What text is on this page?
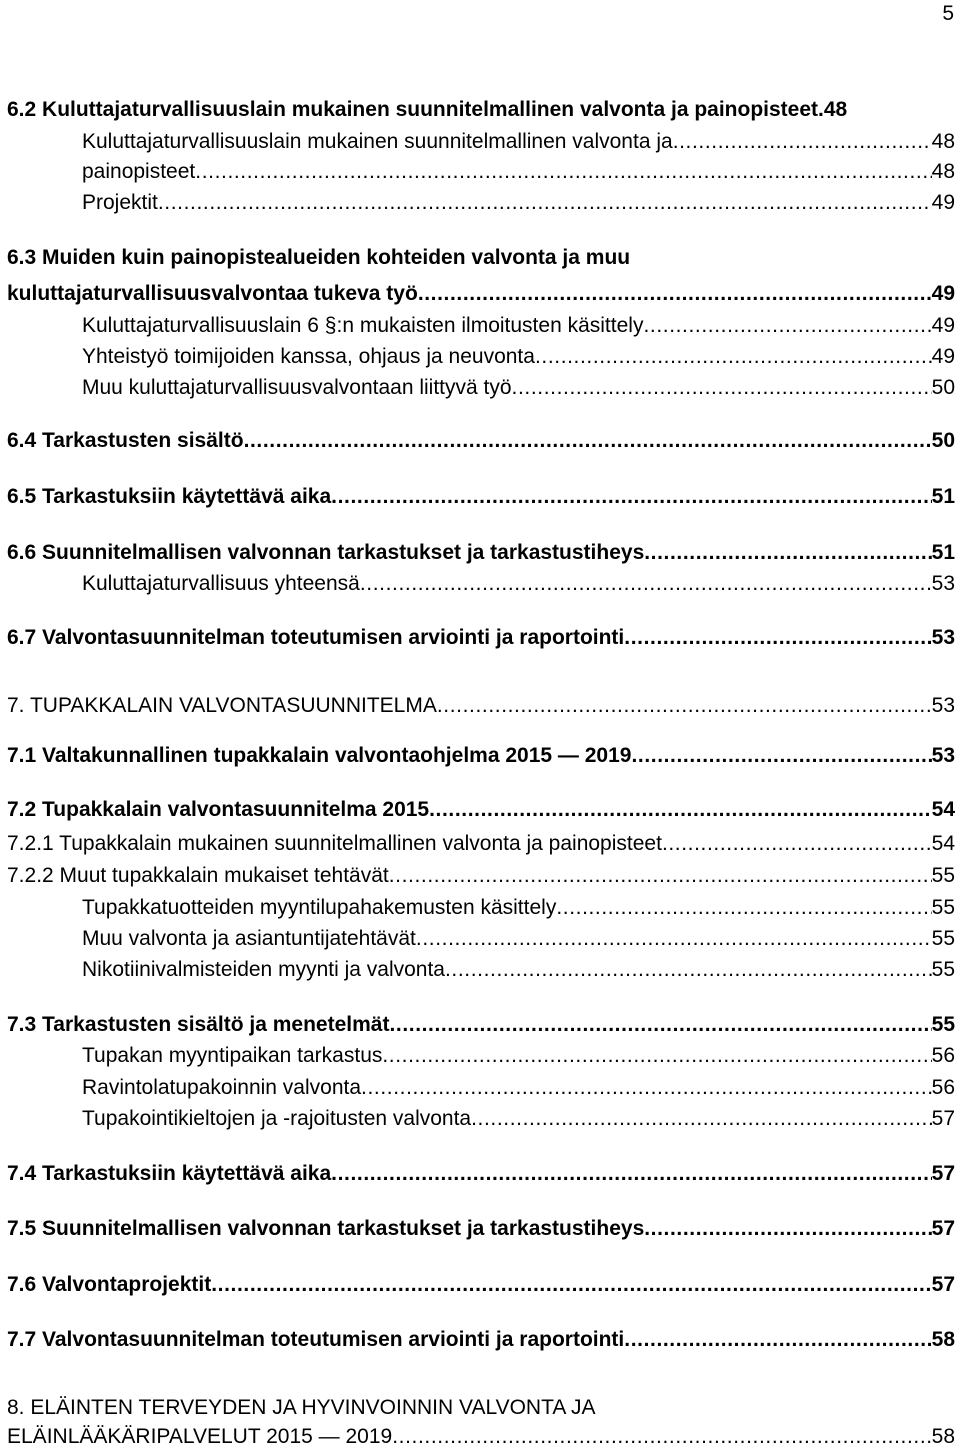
5
6.2 Kuluttajaturvallisuuslain mukainen suunnitelmallinen valvonta ja painopisteet. 48
Kuluttajaturvallisuuslain mukainen suunnitelmallinen valvonta ja .....	48
painopisteet .....	48
Projektit .....	49
6.3 Muiden kuin painopistealueiden kohteiden valvonta ja muu
kuluttajaturvallisuusvalvontaa tukeva työ .....	49
Kuluttajaturvallisuuslain 6 §:n mukaisten ilmoitusten käsittely .....	49
Yhteistyö toimijoiden kanssa, ohjaus ja neuvonta .....	49
Muu kuluttajaturvallisuusvalvontaan liittyvä työ .....	50
6.4 Tarkastusten sisältö .....	50
6.5 Tarkastuksiin käytettävä aika .....	51
6.6 Suunnitelmallisen valvonnan tarkastukset ja tarkastustiheys .....	51
Kuluttajaturvallisuus yhteensä .....	53
6.7 Valvontasuunnitelman toteutumisen arviointi ja raportointi .....	53
7. TUPAKKALAIN VALVONTASUUNNITELMA .....	53
7.1 Valtakunnallinen tupakkalain valvontaohjelma 2015 — 2019 .....	53
7.2 Tupakkalain valvontasuunnitelma 2015 .....	54
7.2.1 Tupakkalain mukainen suunnitelmallinen valvonta ja painopisteet .....	54
7.2.2 Muut tupakkalain mukaiset tehtävät .....	55
Tupakkatuotteiden myyntilupahakemusten käsittely .....	55
Muu valvonta ja asiantuntijatehtävät .....	55
Nikotiinivalmisteiden myynti ja valvonta .....	55
7.3 Tarkastusten sisältö ja menetelmät .....	55
Tupakan myyntipaikan tarkastus .....	56
Ravintolatupakoinnin valvonta .....	56
Tupakointikieltojen ja -rajoitusten valvonta .....	57
7.4 Tarkastuksiin käytettävä aika .....	57
7.5 Suunnitelmallisen valvonnan tarkastukset ja tarkastustiheys .....	57
7.6 Valvontaprojektit .....	57
7.7 Valvontasuunnitelman toteutumisen arviointi ja raportointi .....	58
8. ELÄINTEN TERVEYDEN JA HYVINVOINNIN VALVONTA JA
ELÄINLÄÄKÄRIPALVELUT 2015 — 2019 .....	58
